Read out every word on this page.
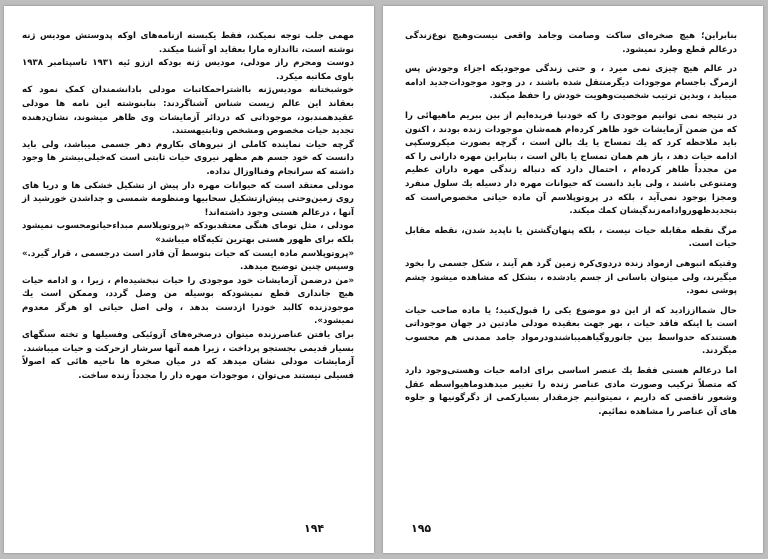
مهمی جلب توجه نمیکند، فقط یکبسته ازنامه‌های اوکه پدوستش مودیس ژنه نوشته است، تااندازه مارا بعقاید او آشنا میکند.

دوست ومحرم راز مودلی، مودیس ژنه بودکه اززو ئیه ۱۹۳۱ تاسپتامبر ۱۹۳۸ باوی مکاتبه میکرد.

خوشبختانه مودیس‌ژنه بااشتراحمکاتبات مودلی بادانشمندان کمک نمود که بعقاند این عالم زیست شناس آشناگردند: بنابنوشته این نامه ها مودلی عقیدهمندبود، موجوداتی که دردائر آزمایشات وی ظاهر میشوند، نشان‌دهنده تجدید حیات مخصوص ومشخص وثابتیهستند.

گرچه حیات نماینده کاملی از نیروهای بکاروم دهر جسمی میباشد، ولی باید دانست که خود جسم هم مظهر نیروی حیات ثابتی است که‌خیلی‌بیشتر ها وجود داشته که سرانجام وفنااوزال نداده.

مودلی معتقد است که حیوانات مهره دار پیش از تشکیل خشکی ها و دریا های روی زمین‌وحتی پیش‌ازتشکیل سحابیها ومنظومه شمسی و جداشدن خورشید از آنها ، درعالم هستی وجود داشته‌اند!

مودلی ، مثل تومای هنگی معتقدبودکه «پروتوپلاسم مبداءحیاتومحسوب نمیشود بلکه برای ظهور هستی بهترین تکیه‌گاه میباشد»

«پروتوپلاسم ماده ایست که حیات بتوسط آن قادر است درجسمی ، قرار گیرد.» وسپس چنین توضیح میدهد.

«من درضمن آزمایشات خود موجودی را حیات نبخشیده‌ام ، زیرا ، و ادامه حیات هیچ جانداری قطع نمیشودکه بوسیله من وصل گردد، وممکن است یك موجودزنده کالبد خودرا ازدست بدهد ، ولی اصل حیاتی او هرگز معدوم نمیشود».

برای یافتن عناصرزنده میتوان درصخره‌های آزوئیکی وفسیلها و تخته سنگهای بسیار قدیمی بجستجو پرداخت ، زیرا همه آنها سرشار ازحرکت و حیات میباشند.

آزمایشات مودلی نشان میدهد که در میان صخره ها ناحیه هائی که اصولاً فسیلی نیستند می‌توان ، موجودات مهره دار را مجدداً زنده ساخت.

۱۹۴

بنابراین؛ هیچ صخره‌ای ساکت وصامت وجامد واقعی نیست‌وهیچ نوع‌زندگی درعالم قطع وطرد نمیشود.

در عالم هیچ چیزی نمی میرد ، و حتی زندگی موجودیکه اجزاء وجودش پس ازمرگ باجسام موجودات دیگرمنتقل شده باشند ، در وجود موجودات‌جدید ادامه مییابد ، وبدین ترتیب شخصیت‌وهویت خودش را حفظ میکند.

در نتیجه نمی توانیم موجودی را که خودنیا فریده‌ایم از بین ببریم ماهیهائی را که من ضمن آزمایشات خود ظاهر کرده‌ام همه‌شان موجودات زنده بودند ، اکنون باید ملاحظه کرد که یك تمساح یا یك بالن است ، گرچه بصورت میکروسکپی ادامه حیات دهد ، باز هم همان تمساح یا بالن است ، بنابراین مهره دارانی را که من مجدداً ظاهر کرده‌ام ، احتمال دارد که دنباله زندگی مهره داران عظیم ومتنوعی باشند ، ولی باید دانست که حیوانات مهره دار دسیله یك سلول منفرد ومجزا بوجود نمی‌آید ، بلکه در پروتوپلاسم آن ماده حیاتی مخصوص‌است که بتجدیدظهوروادامه‌زندگیشان کمك میکند.

مرگ نقطه مقابله حیات نیست ، بلکه پنهان‌گشتن یا ناپدید شدن، نقطه مقابل حیات است.

وقتیکه انبوهی ازمواد زنده دردوی‌کره زمین گرد هم آیند ، شکل جسمی را بخود میگیرند، ولی میتوان باسانی از جسم یادشده ، بشکل که مشاهده میشود چشم پوشی نمود.

حال شمااززادید که از این دو موضوع یکی را قبول‌کنید؛ یا ماده صاحب حیات است یا اینکه فاقد حیات ، بهر جهت بعقیده مودلی ماد‌تین در جهان موجوداتی هستندکه حدواسط بین جانوروگیاهمیباشندودرمواد جامد ممدنی هم محسوب میگردند.

اما درعالم هستی فقط یك عنصر اساسی برای ادامه حیات وهستی‌وجود دارد که متصلاً ترکیب وصورت مادی عناصر زنده را تغییر میدهدوماهیواسطه عقل وشعور ناقصی که داریم ، نمیتوانیم جزمقدار بسیارکمی از دگرگونیها و جلوه های آن عناصر را مشاهده نمائیم.

۱۹۵
